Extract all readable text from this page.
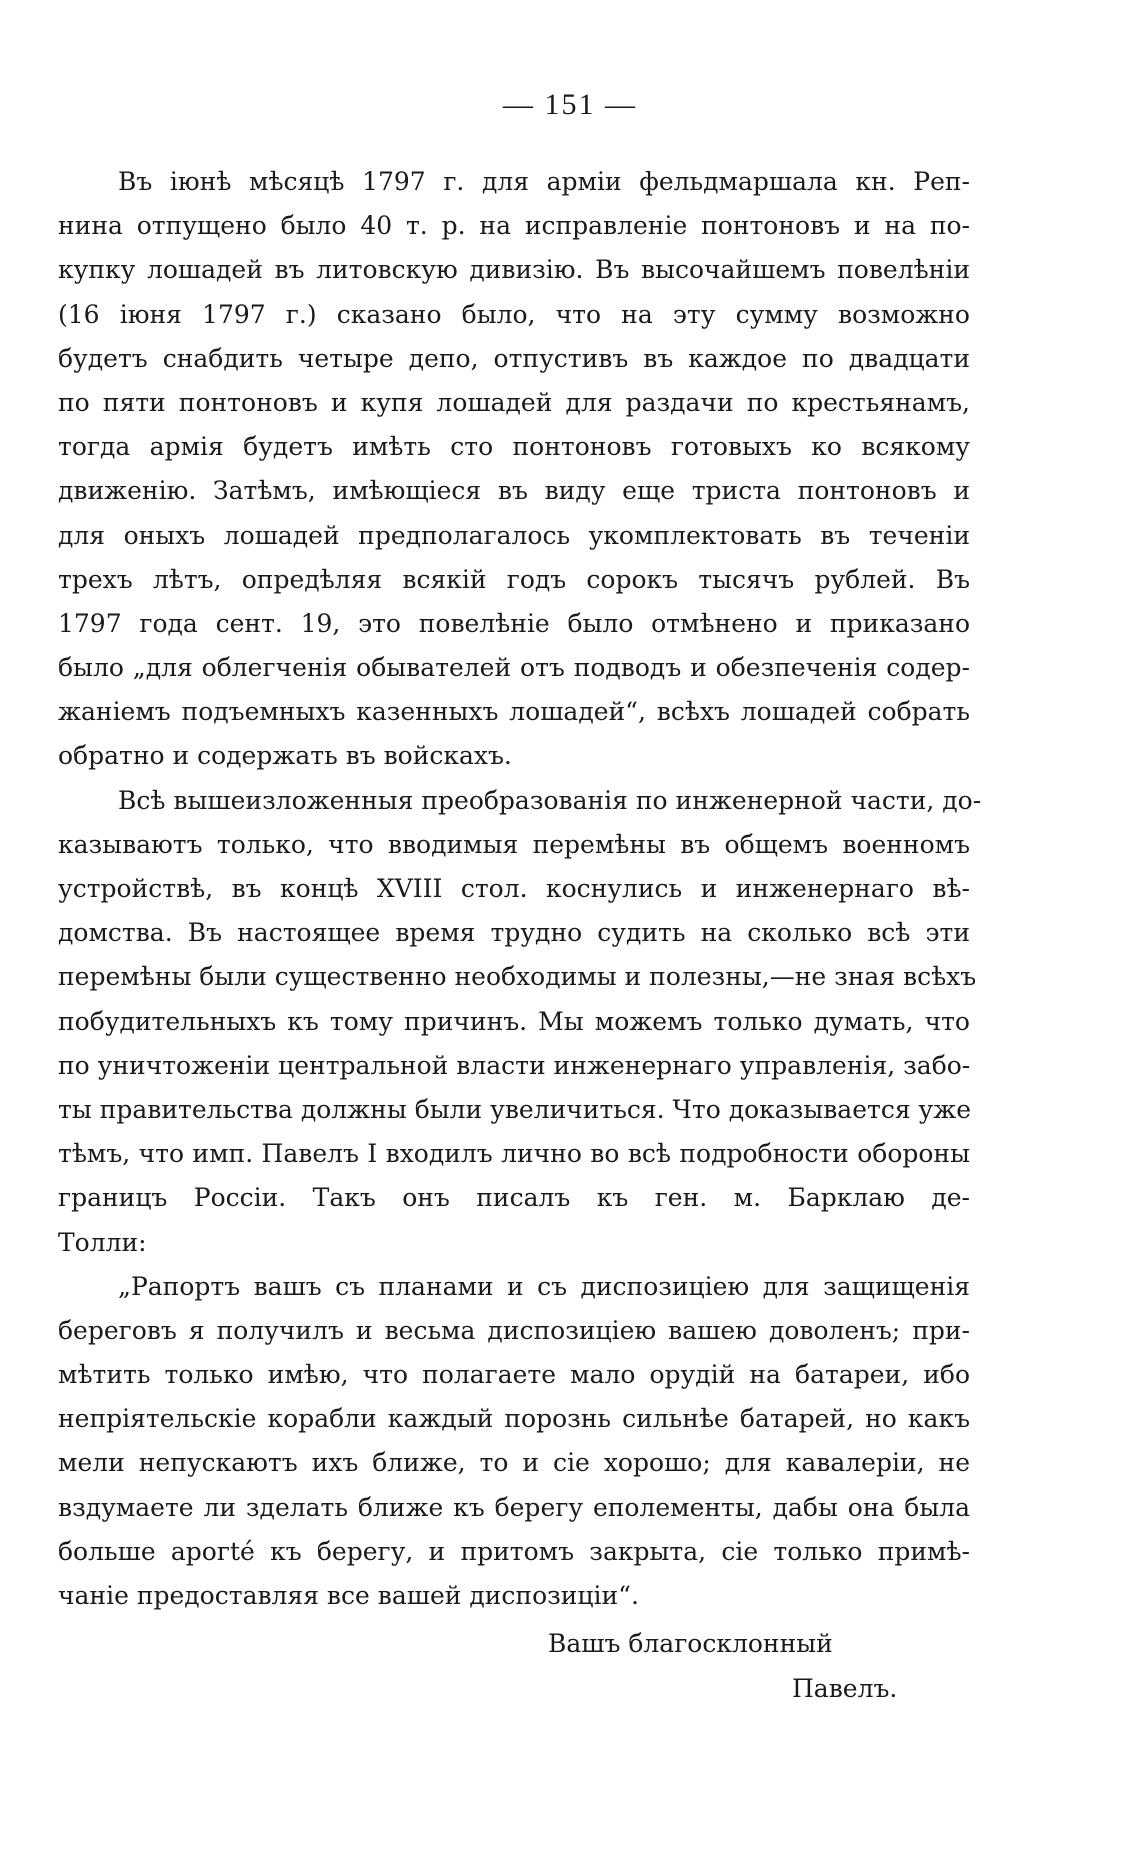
— 151 —
Въ іюнѣ мѣсяцѣ 1797 г. для арміи фельдмаршала кн. Реп-
нина отпущено было 40 т. р. на исправленіе понтоновъ и на по-
купку лошадей въ литовскую дивизію. Въ высочайшемъ повелѣніи
(16 іюня 1797 г.) сказано было, что на эту сумму возможно
будетъ снабдить четыре депо, отпустивъ въ каждое по двадцати
по пяти понтоновъ и купя лошадей для раздачи по крестьянамъ,
тогда армія будетъ имѣть сто понтоновъ готовыхъ ко всякому
движенію. Затѣмъ, имѣющіеся въ виду еще триста понтоновъ и
для оныхъ лошадей предполагалось укомплектовать въ теченіи
трехъ лѣтъ, опредѣляя всякій годъ сорокъ тысячъ рублей. Въ
1797 года сент. 19, это повелѣніе было отмѣнено и приказано
было „для облегченія обывателей отъ подводъ и обезпеченія содер-
жаніемъ подъемныхъ казенныхъ лошадей“, всѣхъ лошадей собрать
обратно и содержать въ войскахъ.
Всѣ вышеизложенныя преобразованія по инженерной части, до-
казываютъ только, что вводимыя перемѣны въ общемъ военномъ
устройствѣ, въ концѣ XVIII стол. коснулись и инженернаго вѣ-
домства. Въ настоящее время трудно судить на сколько всѣ эти
перемѣны были существенно необходимы и полезны,—не зная всѣхъ
побудительныхъ къ тому причинъ. Мы можемъ только думать, что
по уничтоженіи центральной власти инженернаго управленія, забо-
ты правительства должны были увеличиться. Что доказывается уже
тѣмъ, что имп. Павелъ I входилъ лично во всѣ подробности обороны
границъ Россіи. Такъ онъ писалъ къ ген. м. Барклаю де-
Толли:
„Рапортъ вашъ съ планами и съ диспозиціею для защищенія
береговъ я получилъ и весьма диспозиціею вашею доволенъ; при-
мѣтить только имѣю, что полагаете мало орудій на батареи, ибо
непріятельскіе корабли каждый порознь сильнѣе батарей, но какъ
мели непускаютъ ихъ ближе, то и сіе хорошо; для кавалеріи, не
вздумаете ли зделать ближе къ берегу еполементы, дабы она была
больше арогtе́ къ берегу, и притомъ закрыта, сіе только примѣ-
чаніе предоставляя все вашей диспозиціи“.
Вашъ благосклонный
Павелъ.
